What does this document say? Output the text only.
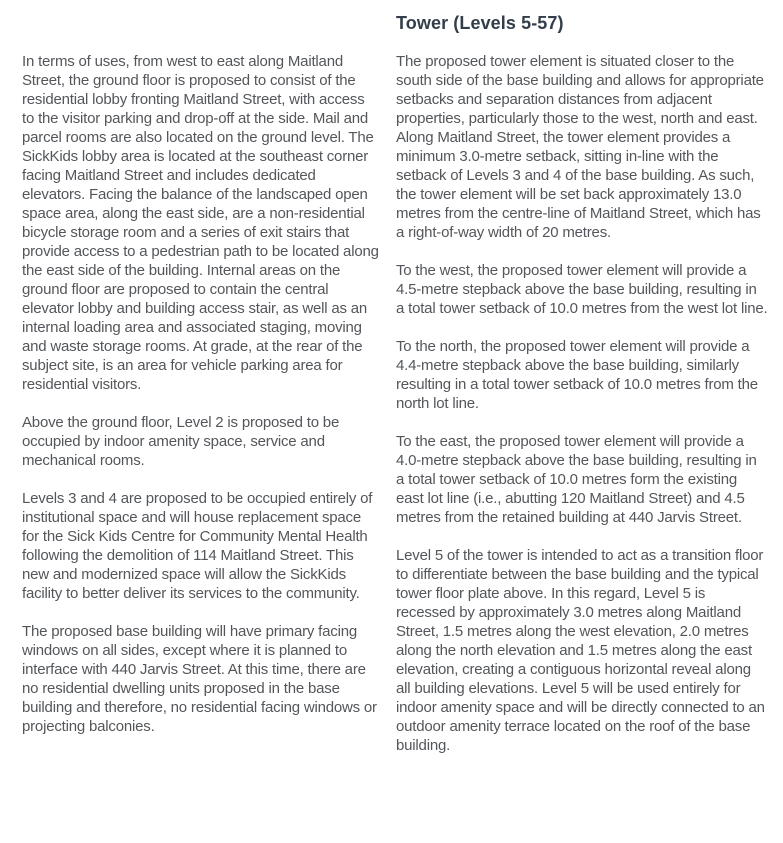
In terms of uses, from west to east along Maitland Street, the ground floor is proposed to consist of the residential lobby fronting Maitland Street, with access to the visitor parking and drop-off at the side. Mail and parcel rooms are also located on the ground level. The SickKids lobby area is located at the southeast corner facing Maitland Street and includes dedicated elevators. Facing the balance of the landscaped open space area, along the east side, are a non-residential bicycle storage room and a series of exit stairs that provide access to a pedestrian path to be located along the east side of the building. Internal areas on the ground floor are proposed to contain the central elevator lobby and building access stair, as well as an internal loading area and associated staging, moving and waste storage rooms. At grade, at the rear of the subject site, is an area for vehicle parking area for residential visitors.

Above the ground floor, Level 2 is proposed to be occupied by indoor amenity space, service and mechanical rooms.

Levels 3 and 4 are proposed to be occupied entirely of institutional space and will house replacement space for the Sick Kids Centre for Community Mental Health following the demolition of 114 Maitland Street. This new and modernized space will allow the SickKids facility to better deliver its services to the community.

The proposed base building will have primary facing windows on all sides, except where it is planned to interface with 440 Jarvis Street. At this time, there are no residential dwelling units proposed in the base building and therefore, no residential facing windows or projecting balconies.

Tower (Levels 5-57)

The proposed tower element is situated closer to the south side of the base building and allows for appropriate setbacks and separation distances from adjacent properties, particularly those to the west, north and east. Along Maitland Street, the tower element provides a minimum 3.0-metre setback, sitting in-line with the setback of Levels 3 and 4 of the base building. As such, the tower element will be set back approximately 13.0 metres from the centre-line of Maitland Street, which has a right-of-way width of 20 metres.

To the west, the proposed tower element will provide a 4.5-metre stepback above the base building, resulting in a total tower setback of 10.0 metres from the west lot line.

To the north, the proposed tower element will provide a 4.4-metre stepback above the base building, similarly resulting in a total tower setback of 10.0 metres from the north lot line.

To the east, the proposed tower element will provide a 4.0-metre stepback above the base building, resulting in a total tower setback of 10.0 metres form the existing east lot line (i.e., abutting 120 Maitland Street) and 4.5 metres from the retained building at 440 Jarvis Street.

Level 5 of the tower is intended to act as a transition floor to differentiate between the base building and the typical tower floor plate above. In this regard, Level 5 is recessed by approximately 3.0 metres along Maitland Street, 1.5 metres along the west elevation, 2.0 metres along the north elevation and 1.5 metres along the east elevation, creating a contiguous horizontal reveal along all building elevations. Level 5 will be used entirely for indoor amenity space and will be directly connected to an outdoor amenity terrace located on the roof of the base building.
